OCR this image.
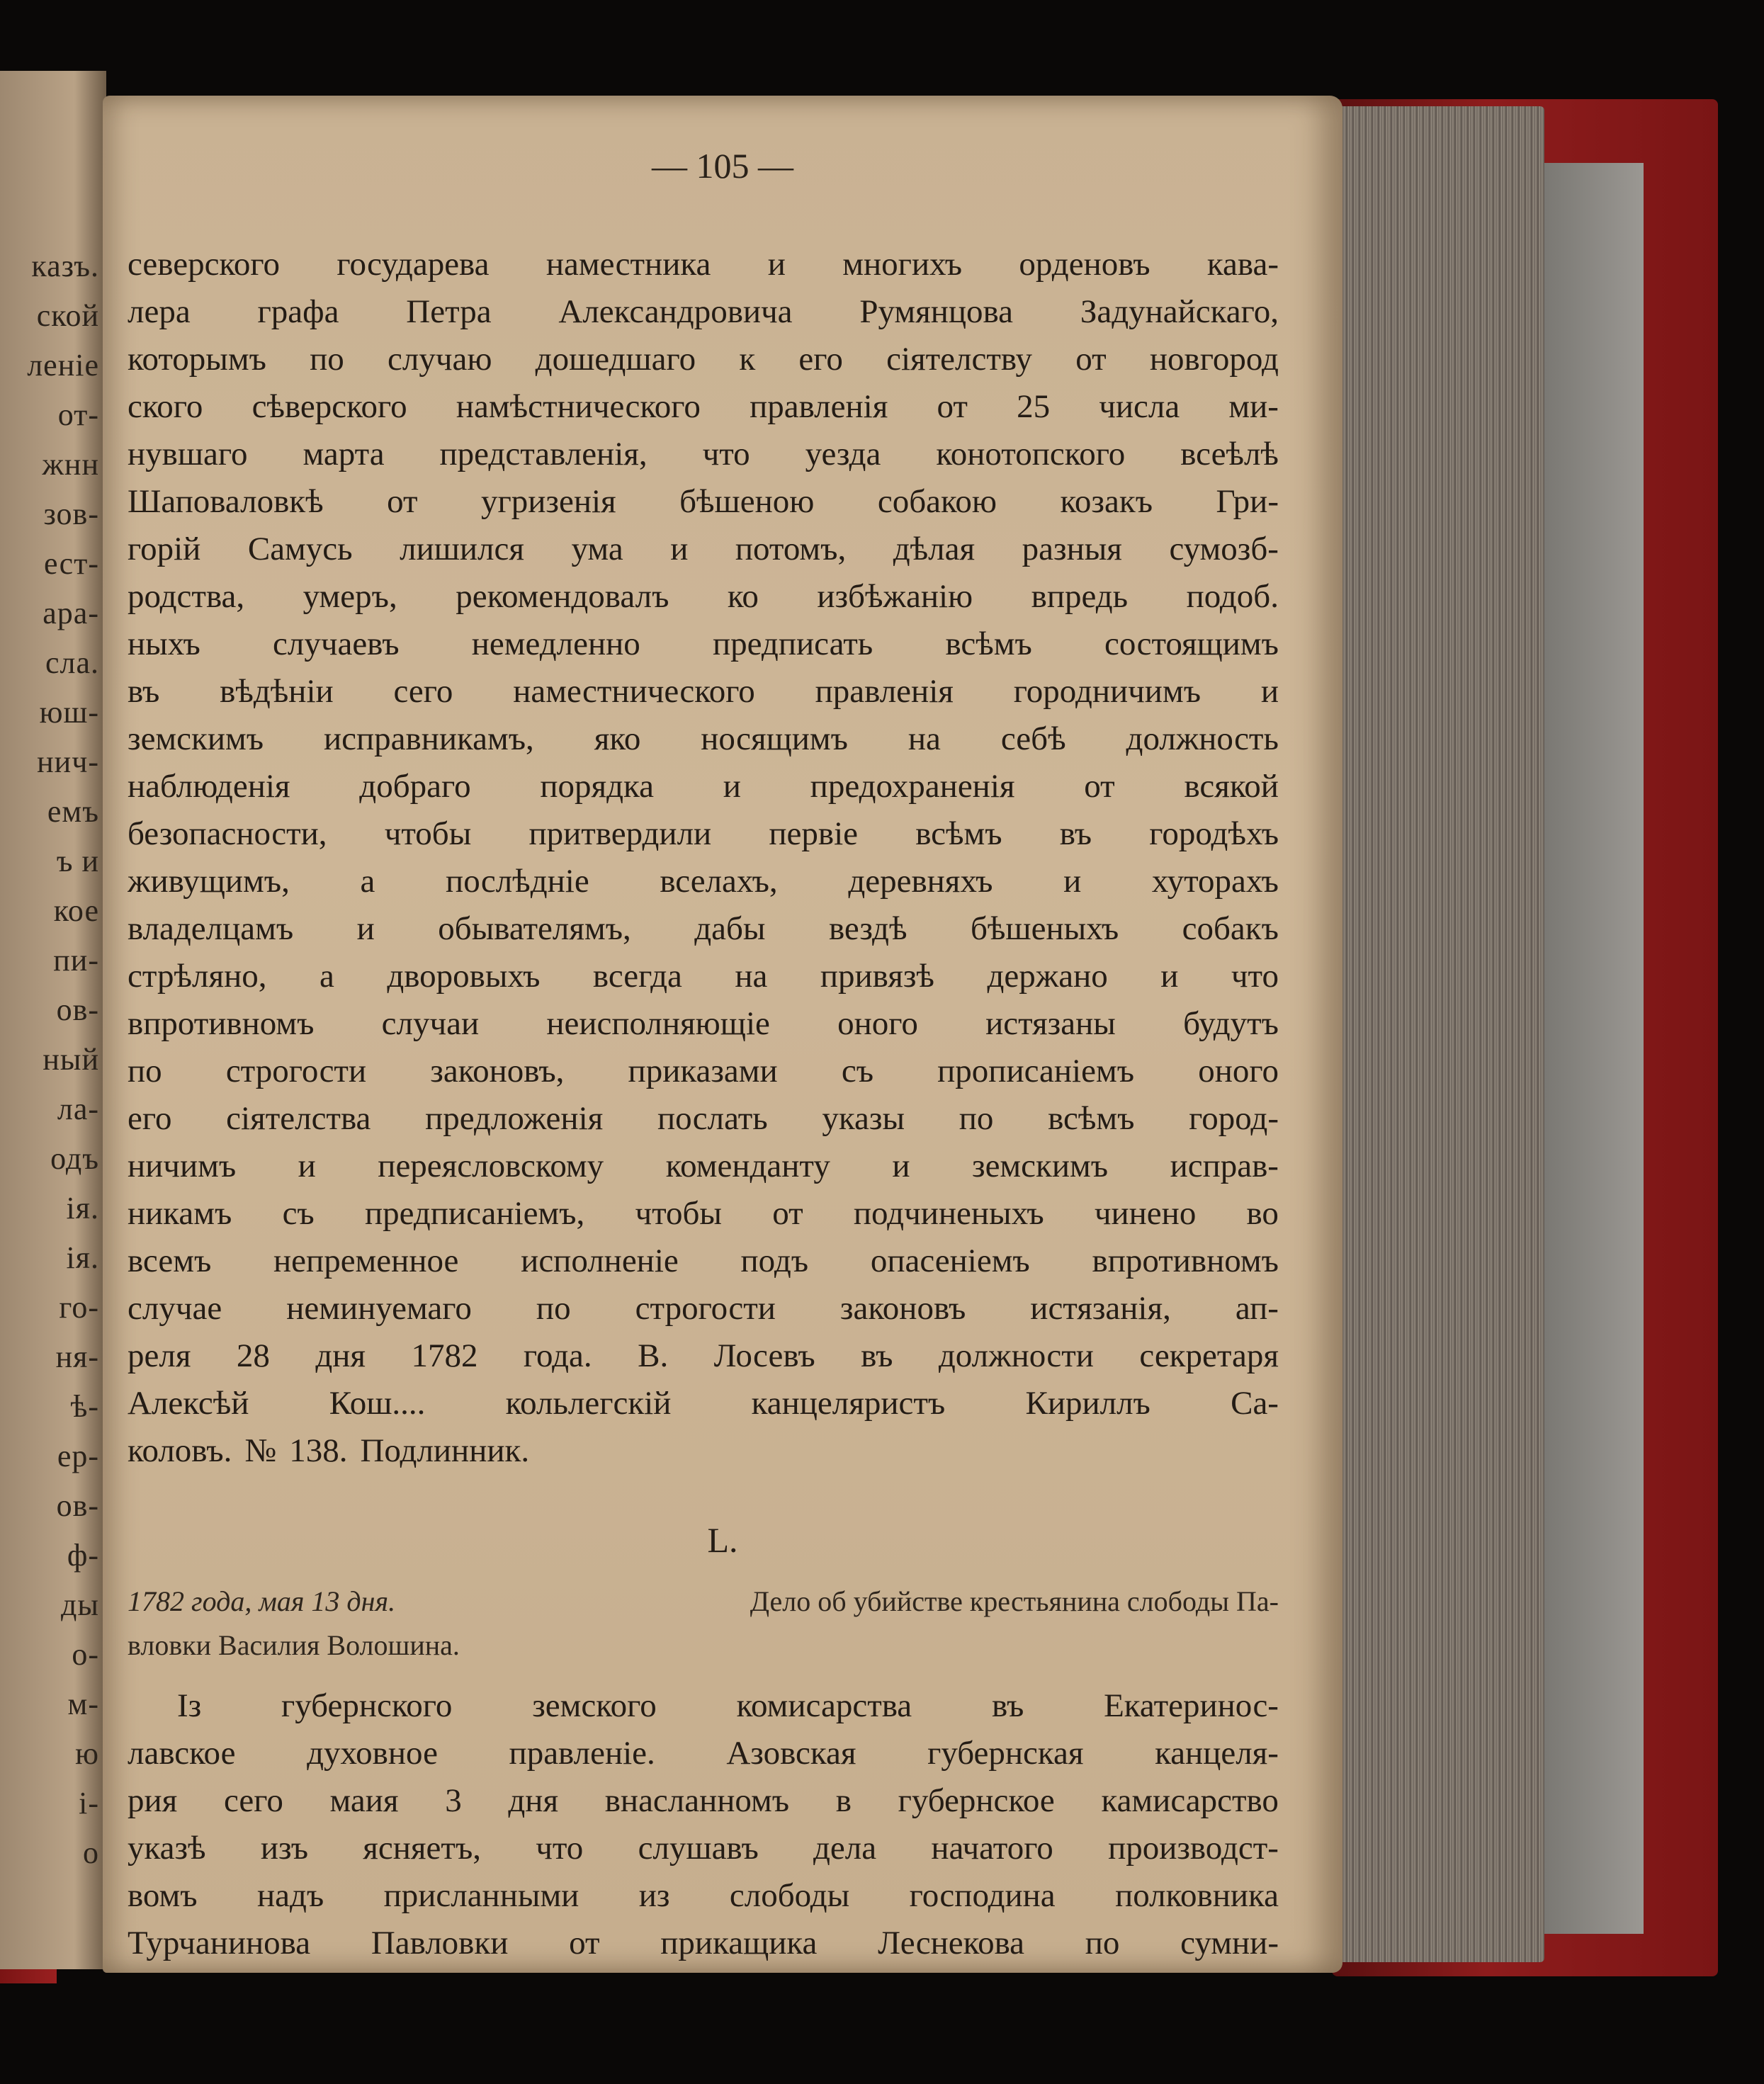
казъ.
ской
ленiе
от-
жнн
зов-
ест-
ара-
сла.
юш-
нич-
емъ
ъ и
кое
пи-
ов-
ный
ла-
одъ
iя.
iя.
го-
ня-
ѣ-
ер-
ов-
ф-
ды
о-
м-
ю
і-
о
— 105 —
северского государева наместника и многихъ орденовъ кава-
лера графа Петра Александровича Румянцова Задунайскаго,
которымъ по случаю дошедшаго к его сiятелству от новгород
ского сѣверского намѣстнического правленiя от 25 числа ми-
нувшаго марта представленiя, что уезда конотопского всеѣлѣ
Шаповаловкѣ от угризенiя бѣшеною собакою козакъ Гри-
горiй Самусь лишился ума и потомъ, дѣлая разныя сумозб-
родства, умеръ, рекомендовалъ ко избѣжанiю впредь подоб.
ныхъ случаевъ немедленно предписать всѣмъ состоящимъ
въ вѣдѣнiи сего наместнического правленiя городничимъ и
земскимъ исправникамъ, яко носящимъ на себѣ должность
наблюденiя добраго порядка и предохраненiя от всякой
безопасности, чтобы притвердили первiе всѣмъ въ городѣхъ
живущимъ, а послѣднiе вселахъ, деревняхъ и хуторахъ
владелцамъ и обывателямъ, дабы вездѣ бѣшеныхъ собакъ
стрѣляно, а дворовыхъ всегда на привязѣ держано и что
впротивномъ случаи неисполняющiе оного истязаны будутъ
по строгости законовъ, приказами съ прописанiемъ оного
его сiятелства предложенiя послать указы по всѣмъ город-
ничимъ и переясловскому коменданту и земскимъ исправ-
никамъ съ предписанiемъ, чтобы от подчиненыхъ чинено во
всемъ непременное исполненiе подъ опасенiемъ впротивномъ
случае неминуемаго по строгости законовъ истязанiя, ап-
реля 28 дня 1782 года. В. Лосевъ въ должности секретаря
Алексѣй Кош.... кольлегскiй канцеляристъ Кириллъ Са-
коловъ. № 138. Подлинник.
L.
1782 года, мая 13 дня.	Дело об убийстве крестьянина слободы Па-
вловки Василия Волошина.
Iз губернского земского комисарства въ Екатеринос-
лавское духовное правленiе. Азовская губернская канцеля-
рия сего маия 3 дня внасланномъ в губернское камисарство
указѣ изъ ясняетъ, что слушавъ дела начатого производст-
вомъ надъ присланными из слободы господина полковника
Турчанинова Павловки от прикащика Леснекова по сумни-
